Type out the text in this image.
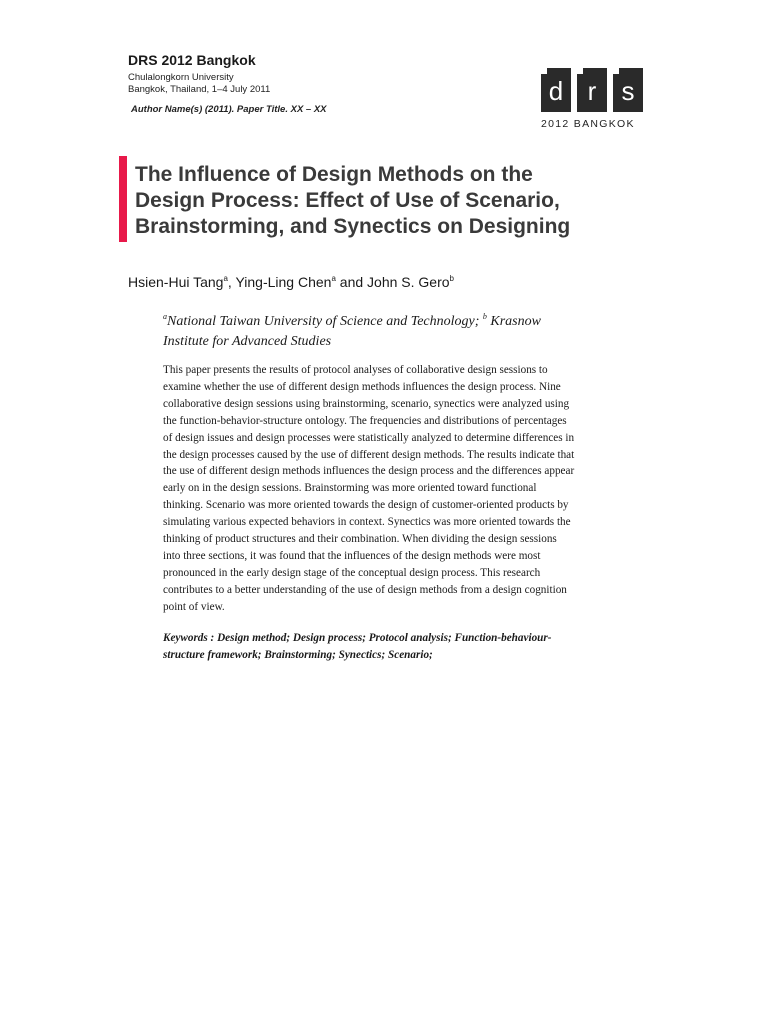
DRS 2012 Bangkok
Chulalongkorn University
Bangkok, Thailand, 1–4 July 2011
Author Name(s) (2011). Paper Title. XX – XX
d r s
2012 BANGKOK
The Influence of Design Methods on the
Design Process: Effect of Use of Scenario,
Brainstorming, and Synectics on Designing
Hsien-Hui Tang$^a$, Ying-Ling Chen$^a$ and John S. Gero$^b$
$^a$National Taiwan University of Science and Technology; $^b$ Krasnow
Institute for Advanced Studies
This paper presents the results of protocol analyses of collaborative design sessions to
examine whether the use of different design methods influences the design process. Nine
collaborative design sessions using brainstorming, scenario, synectics were analyzed using
the function-behavior-structure ontology. The frequencies and distributions of percentages
of design issues and design processes were statistically analyzed to determine differences in
the design processes caused by the use of different design methods. The results indicate that
the use of different design methods influences the design process and the differences appear
early on in the design sessions. Brainstorming was more oriented toward functional
thinking. Scenario was more oriented towards the design of customer-oriented products by
simulating various expected behaviors in context. Synectics was more oriented towards the
thinking of product structures and their combination. When dividing the design sessions
into three sections, it was found that the influences of the design methods were most
pronounced in the early design stage of the conceptual design process. This research
contributes to a better understanding of the use of design methods from a design cognition
point of view.
Keywords : Design method; Design process; Protocol analysis; Function-behaviour-
structure framework; Brainstorming; Synectics; Scenario;
